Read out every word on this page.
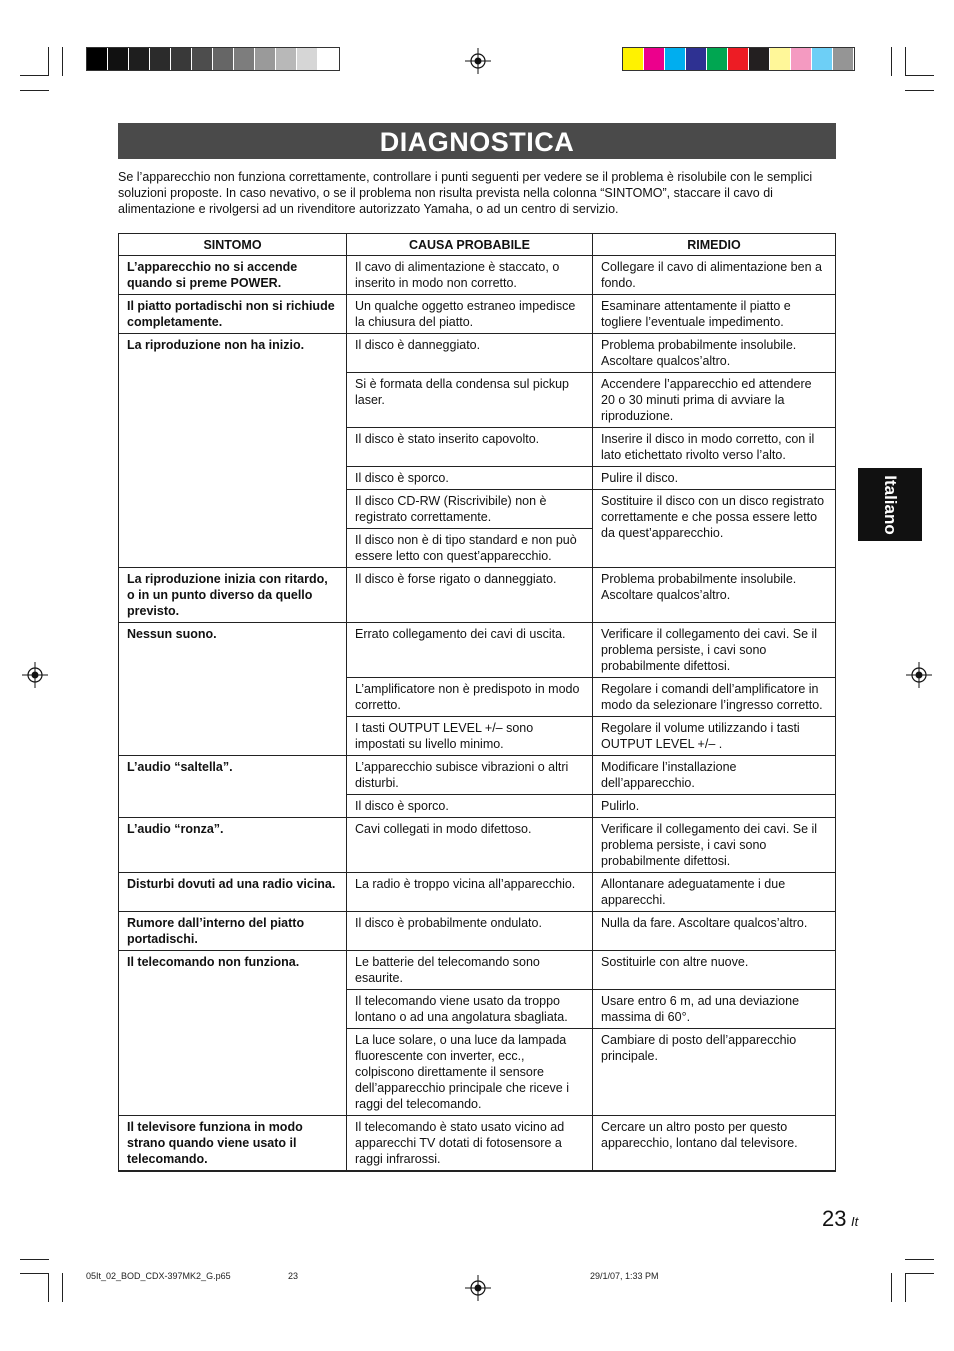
DIAGNOSTICA
Se l’apparecchio non funziona correttamente, controllare i punti seguenti per vedere se il problema è risolubile con le semplici soluzioni proposte. In caso nevativo, o se il problema non risulta prevista nella colonna “SINTOMO”, staccare il cavo di alimentazione e rivolgersi ad un rivenditore autorizzato Yamaha, o ad un centro di servizio.
SINTOMO	CAUSA PROBABILE	RIMEDIO
L’apparecchio no si accende quando si preme POWER.	Il cavo di alimentazione è staccato, o inserito in modo non corretto.	Collegare il cavo di alimentazione ben a fondo.
Il piatto portadischi non si richiude completamente.	Un qualche oggetto estraneo impedisce la chiusura del piatto.	Esaminare attentamente il piatto e togliere l’eventuale impedimento.
La riproduzione non ha inizio.	Il disco è danneggiato.	Problema probabilmente insolubile. Ascoltare qualcos’altro.
	Si è formata della condensa sul pickup laser.	Accendere l’apparecchio ed attendere 20 o 30 minuti prima di avviare la riproduzione.
	Il disco è stato inserito capovolto.	Inserire il disco in modo corretto, con il lato etichettato rivolto verso l’alto.
	Il disco è sporco.	Pulire il disco.
	Il disco CD-RW (Riscrivibile) non è registrato correttamente.	Sostituire il disco con un disco registrato correttamente e che possa essere letto da quest’apparecchio.
	Il disco non è di tipo standard e non può essere letto con quest’apparecchio.	
La riproduzione inizia con ritardo, o in un punto diverso da quello previsto.	Il disco è forse rigato o danneggiato.	Problema probabilmente insolubile. Ascoltare qualcos’altro.
Nessun suono.	Errato collegamento dei cavi di uscita.	Verificare il collegamento dei cavi. Se il problema persiste, i cavi sono probabilmente difettosi.
	L’amplificatore non è predispoto in modo corretto.	Regolare i comandi dell’amplificatore in modo da selezionare l’ingresso corretto.
	I tasti OUTPUT LEVEL +/– sono impostati su livello minimo.	Regolare il volume utilizzando i tasti OUTPUT LEVEL +/– .
L’audio “saltella”.	L’apparecchio subisce vibrazioni o altri disturbi.	Modificare l’installazione dell’apparecchio.
	Il disco è sporco.	Pulirlo.
L’audio “ronza”.	Cavi collegati in modo difettoso.	Verificare il collegamento dei cavi. Se il problema persiste, i cavi sono probabilmente difettosi.
Disturbi dovuti ad una radio vicina.	La radio è troppo vicina all’apparecchio.	Allontanare adeguatamente i due apparecchi.
Rumore dall’interno del piatto portadischi.	Il disco è probabilmente ondulato.	Nulla da fare. Ascoltare qualcos’altro.
Il telecomando non funziona.	Le batterie del telecomando sono esaurite.	Sostituirle con altre nuove.
	Il telecomando viene usato da troppo lontano o ad una angolatura sbagliata.	Usare entro 6 m, ad una deviazione massima di 60°.
	La luce solare, o una luce da lampada fluorescente con inverter, ecc., colpiscono direttamente il sensore dell’apparecchio principale che riceve i raggi del telecomando.	Cambiare di posto dell’apparecchio principale.
Il televisore funziona in modo strano quando viene usato il telecomando.	Il telecomando è stato usato vicino ad apparecchi TV dotati di fotosensore a raggi infrarossi.	Cercare un altro posto per questo apparecchio, lontano dal televisore.
Italiano
23 It
05It_02_BOD_CDX-397MK2_G.p65	23	29/1/07, 1:33 PM
